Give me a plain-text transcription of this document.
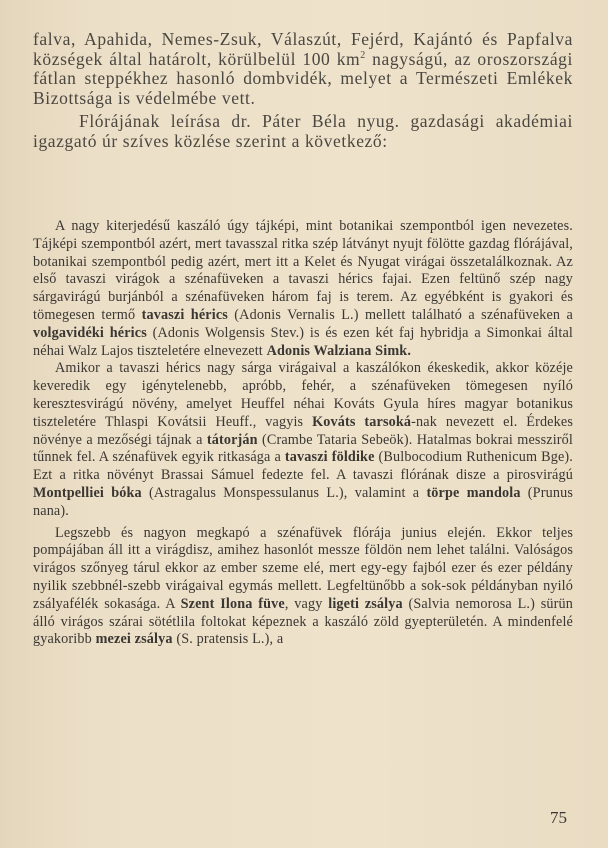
falva, Apahida, Nemes-Zsuk, Válaszút, Fejérd, Kajántó és Papfalva községek által határolt, körülbelül 100 $km^2$ nagyságú, az oroszországi fátlan steppékhez hasonló dombvidék, melyet a Természeti Emlékek Bizottsága is védelmébe vett.

Flórájának leírása dr. Páter Béla nyug. gazdasági akadémiai igazgató úr szíves közlése szerint a következő:

A nagy kiterjedésű kaszáló úgy tájképi, mint botanikai szempontból igen nevezetes. Tájképi szempontból azért, mert tavasszal ritka szép látványt nyujt fölötte gazdag flórájával, botanikai szempontból pedig azért, mert itt a Kelet és Nyugat virágai összetalálkoznak. Az első tavaszi virágok a szénafüveken a tavaszi hérics fajai. Ezen feltünő szép nagy sárgavirágú burjánból a szénafüveken három faj is terem. Az egyébként is gyakori és tömegesen termő tavaszi hérics (Adonis Vernalis L.) mellett található a szénafüveken a volgavidéki hérics (Adonis Wolgensis Stev.) is és ezen két faj hybridja a Simonkai által néhai Walz Lajos tiszteletére elnevezett Adonis Walziana Simk.

Amikor a tavaszi hérics nagy sárga virágaival a kaszálókon ékeskedik, akkor közéje keveredik egy igénytelenebb, apróbb, fehér, a szénafüveken tömegesen nyíló keresztesvirágú növény, amelyet Heuffel néhai Kováts Gyula híres magyar botanikus tiszteletére Thlaspi Kovátsii Heuff., vagyis Kováts tarsoká-nak nevezett el. Érdekes növénye a mezőségi tájnak a tátorján (Crambe Tataria Sebeök). Hatalmas bokrai messziről tűnnek fel. A szénafüvek egyik ritkasága a tavaszi földike (Bulbocodium Ruthenicum Bge). Ezt a ritka növényt Brassai Sámuel fedezte fel. A tavaszi flórának disze a pirosvirágú Montpelliei bóka (Astragalus Monspessulanus L.), valamint a törpe mandola (Prunus nana).

Legszebb és nagyon megkapó a szénafüvek flórája junius elején. Ekkor teljes pompájában áll itt a virágdisz, amihez hasonlót messze földön nem lehet találni. Valóságos virágos szőnyeg tárul ekkor az ember szeme elé, mert egy-egy fajból ezer és ezer példány nyilik szebbnél-szebb virágaival egymás mellett. Legfeltünőbb a sok-sok példányban nyiló zsályafélék sokasága. A Szent Ilona füve, vagy ligeti zsálya (Salvia nemorosa L.) sürün álló virágos szárai sötétlila foltokat képeznek a kaszáló zöld gyepterületén. A mindenfelé gyakoribb mezei zsálya (S. pratensis L.), a

75
